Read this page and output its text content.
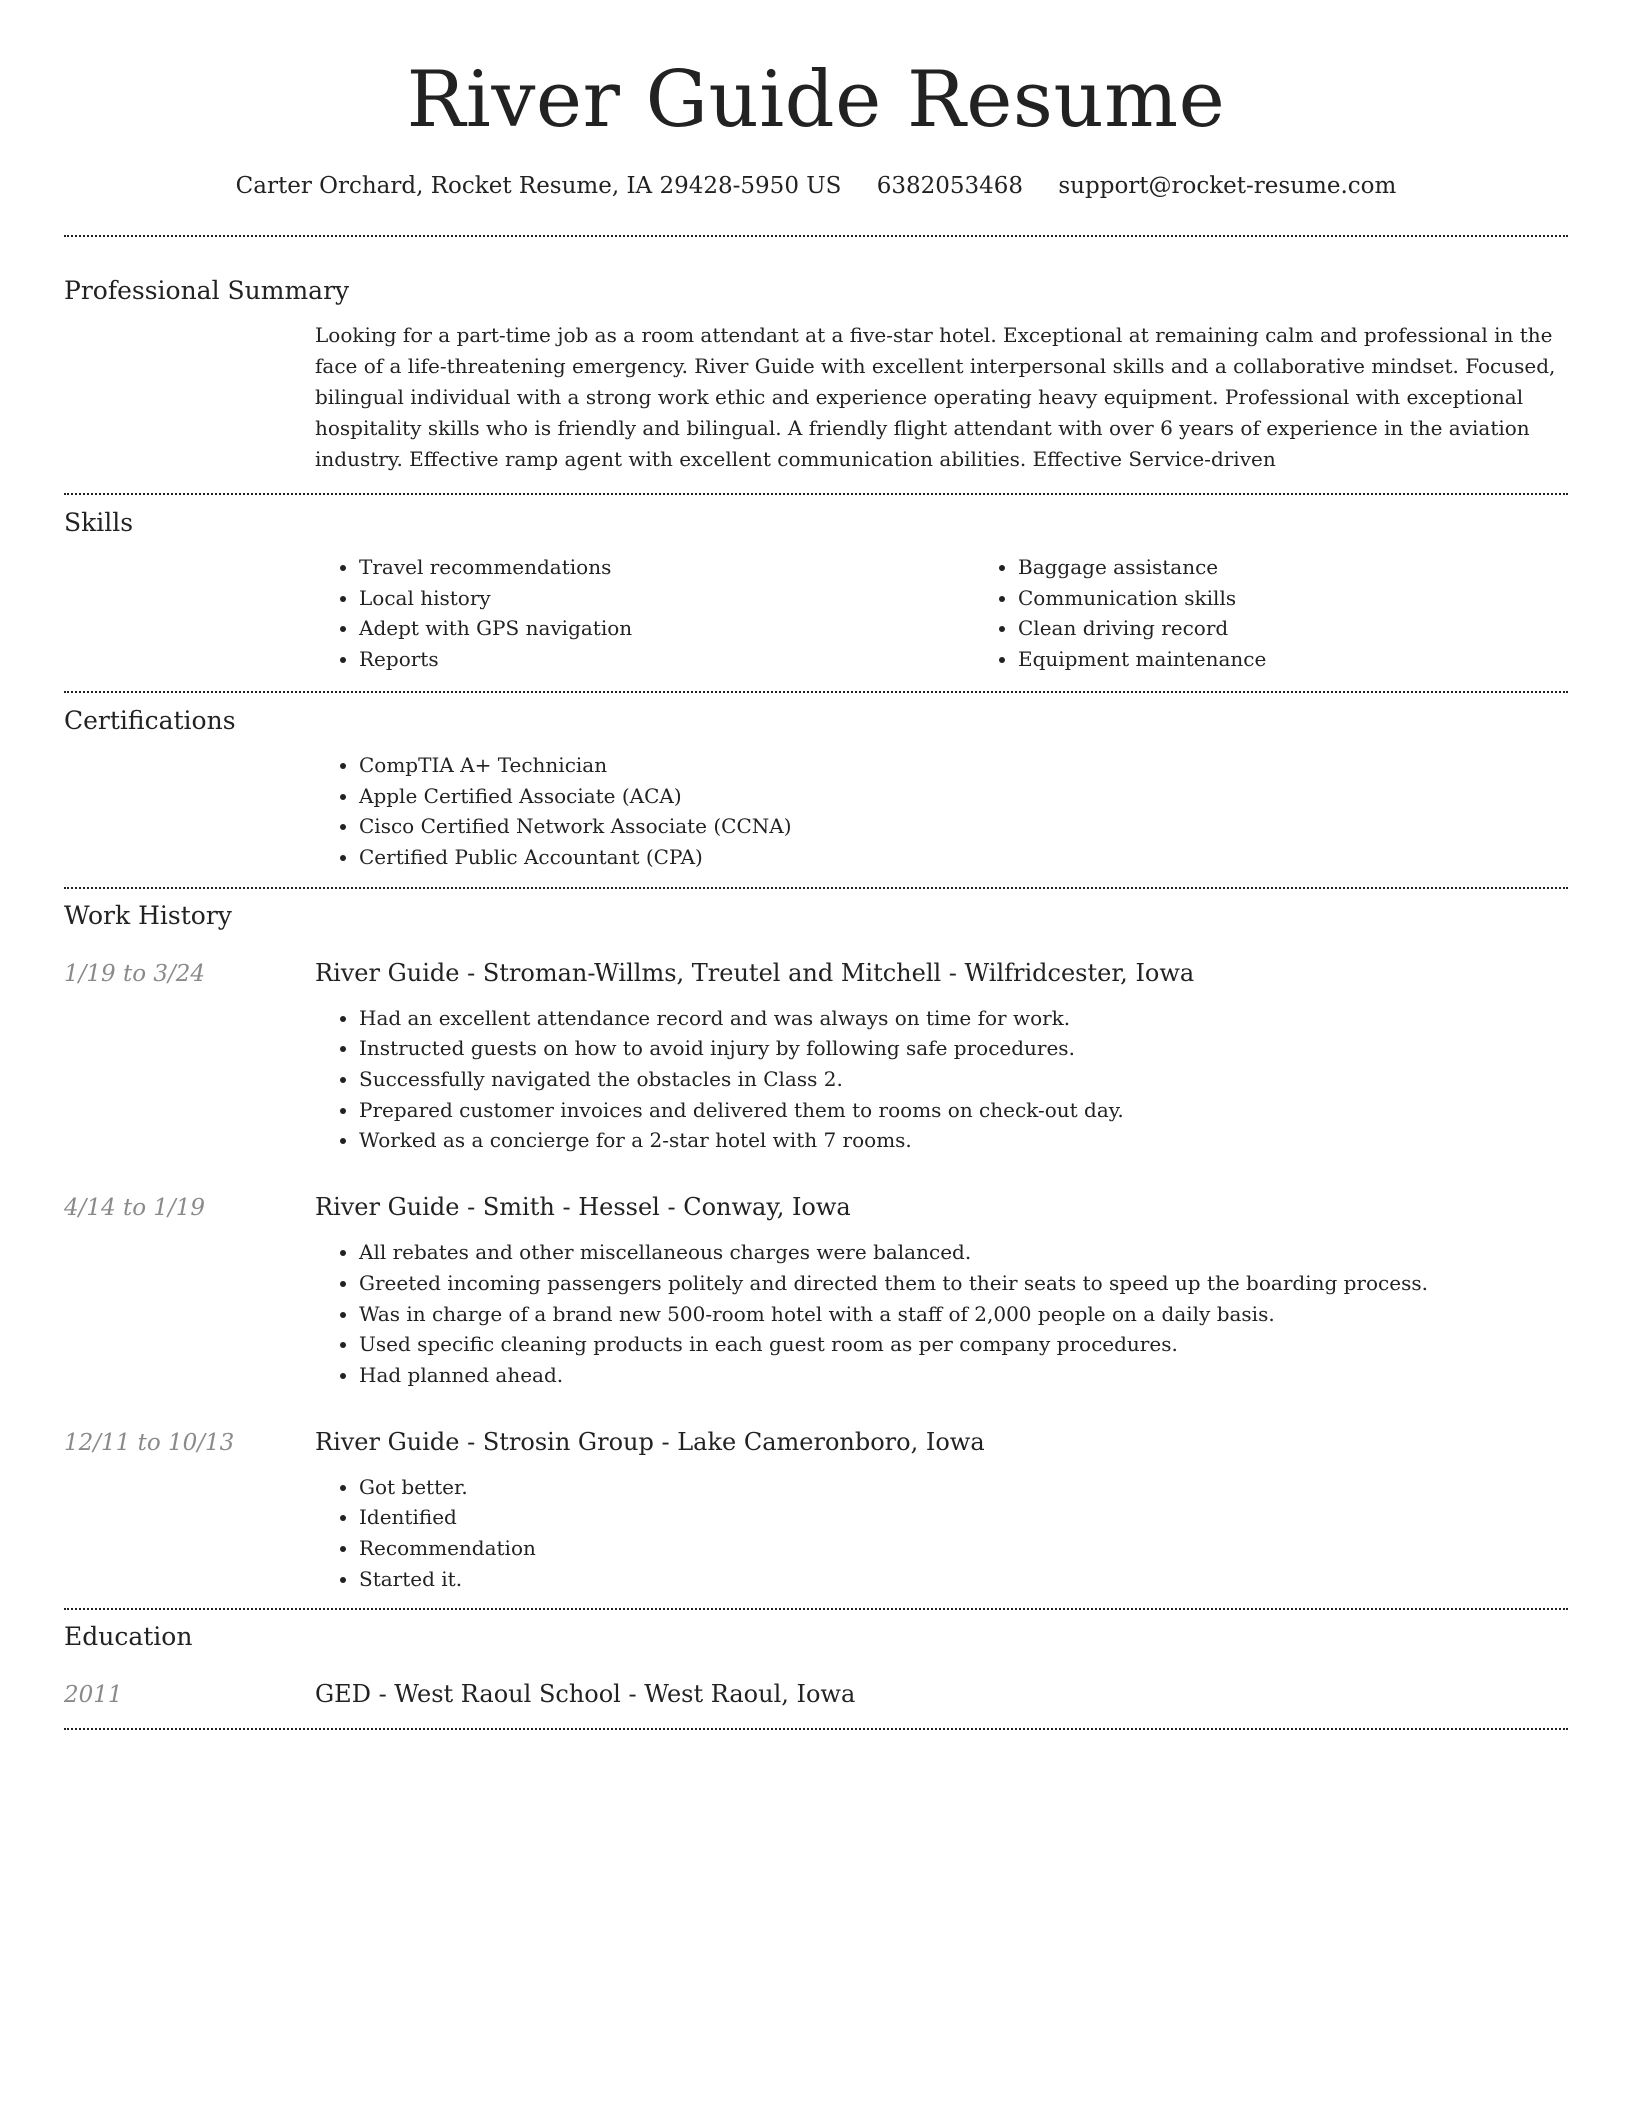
River Guide Resume
Carter Orchard, Rocket Resume, IA 29428-5950 US 6382053468 support@rocket-resume.com
Professional Summary

Looking for a part-time job as a room attendant at a five-star hotel. Exceptional at remaining calm and professional in the face of a life-threatening emergency. River Guide with excellent interpersonal skills and a collaborative mindset. Focused, bilingual individual with a strong work ethic and experience operating heavy equipment. Professional with exceptional hospitality skills who is friendly and bilingual. A friendly flight attendant with over 6 years of experience in the aviation industry. Effective ramp agent with excellent communication abilities. Effective Service-driven

Skills
• Travel recommendations
• Local history
• Adept with GPS navigation
• Reports
• Baggage assistance
• Communication skills
• Clean driving record
• Equipment maintenance
Certifications
• CompTIA A+ Technician
• Apple Certified Associate (ACA)
• Cisco Certified Network Associate (CCNA)
• Certified Public Accountant (CPA)
Work History
1/19 to 3/24	River Guide - Stroman-Willms, Treutel and Mitchell - Wilfridcester, Iowa
• Had an excellent attendance record and was always on time for work.
• Instructed guests on how to avoid injury by following safe procedures.
• Successfully navigated the obstacles in Class 2.
• Prepared customer invoices and delivered them to rooms on check-out day.
• Worked as a concierge for a 2-star hotel with 7 rooms.
4/14 to 1/19	River Guide - Smith - Hessel - Conway, Iowa
• All rebates and other miscellaneous charges were balanced.
• Greeted incoming passengers politely and directed them to their seats to speed up the boarding process.
• Was in charge of a brand new 500-room hotel with a staff of 2,000 people on a daily basis.
• Used specific cleaning products in each guest room as per company procedures.
• Had planned ahead.
12/11 to 10/13	River Guide - Strosin Group - Lake Cameronboro, Iowa
• Got better.
• Identified
• Recommendation
• Started it.
Education
2011	GED - West Raoul School - West Raoul, Iowa
